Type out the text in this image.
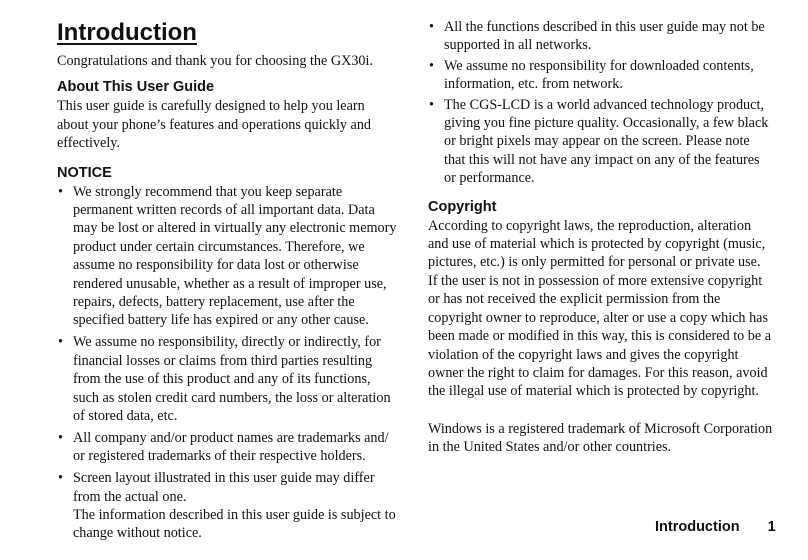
Introduction

Congratulations and thank you for choosing the GX30i.

About This User Guide

This user guide is carefully designed to help you learn about your phone’s features and operations quickly and effectively.

NOTICE
• We strongly recommend that you keep separate permanent written records of all important data. Data may be lost or altered in virtually any electronic memory product under certain circumstances. Therefore, we assume no responsibility for data lost or otherwise rendered unusable, whether as a result of improper use, repairs, defects, battery replacement, use after the specified battery life has expired or any other cause.
• We assume no responsibility, directly or indirectly, for financial losses or claims from third parties resulting from the use of this product and any of its functions, such as stolen credit card numbers, the loss or alteration of stored data, etc.
• All company and/or product names are trademarks and/ or registered trademarks of their respective holders.
• Screen layout illustrated in this user guide may differ from the actual one.
The information described in this user guide is subject to change without notice.
• All the functions described in this user guide may not be supported in all networks.
• We assume no responsibility for downloaded contents, information, etc. from network.
• The CGS-LCD is a world advanced technology product, giving you fine picture quality. Occasionally, a few black or bright pixels may appear on the screen. Please note that this will not have any impact on any of the features or performance.
Copyright

According to copyright laws, the reproduction, alteration and use of material which is protected by copyright (music, pictures, etc.) is only permitted for personal or private use. If the user is not in possession of more extensive copyright or has not received the explicit permission from the copyright owner to reproduce, alter or use a copy which has been made or modified in this way, this is considered to be a violation of the copyright laws and gives the copyright owner the right to claim for damages. For this reason, avoid the illegal use of material which is protected by copyright.

Windows is a registered trademark of Microsoft Corporation in the United States and/or other countries.

Introduction 1
